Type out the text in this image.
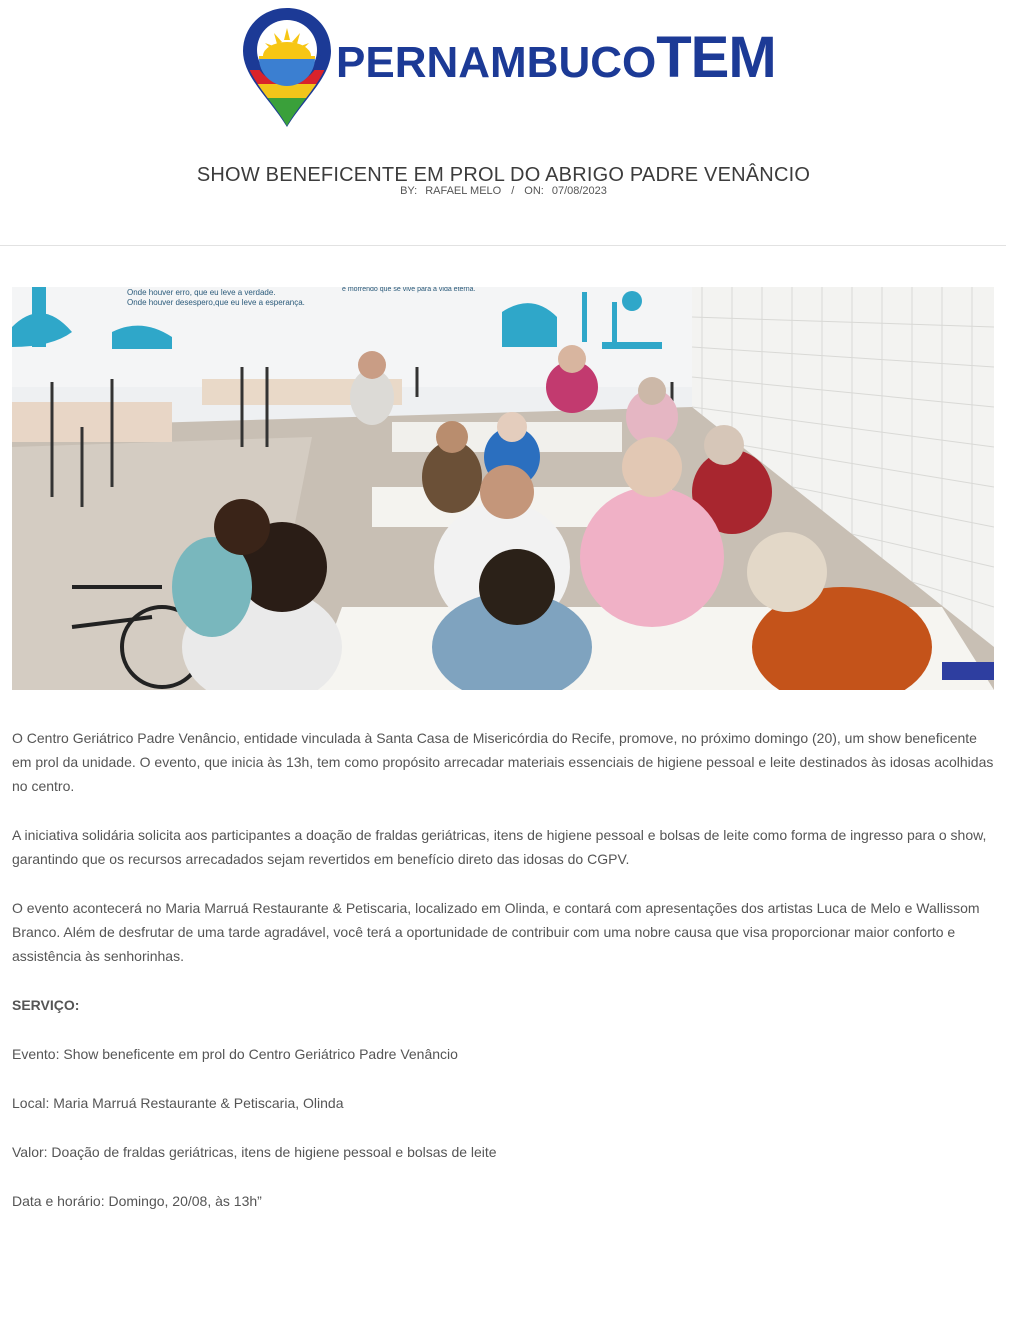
PERNAMBUCOTEM
SHOW BENEFICENTE EM PROL DO ABRIGO PADRE VENÂNCIO
BY: RAFAEL MELO / ON: 07/08/2023
Onde houver erro, que eu leve a verdade.
Onde houver desespero,que eu leve a esperança.
é morrendo que se vive para a vida eterna.

O Centro Geriátrico Padre Venâncio, entidade vinculada à Santa Casa de Misericórdia do Recife, promove, no próximo domingo (20), um show beneficente em prol da unidade. O evento, que inicia às 13h, tem como propósito arrecadar materiais essenciais de higiene pessoal e leite destinados às idosas acolhidas no centro.

A iniciativa solidária solicita aos participantes a doação de fraldas geriátricas, itens de higiene pessoal e bolsas de leite como forma de ingresso para o show, garantindo que os recursos arrecadados sejam revertidos em benefício direto das idosas do CGPV.

O evento acontecerá no Maria Marruá Restaurante & Petiscaria, localizado em Olinda, e contará com apresentações dos artistas Luca de Melo e Wallissom Branco. Além de desfrutar de uma tarde agradável, você terá a oportunidade de contribuir com uma nobre causa que visa proporcionar maior conforto e assistência às senhorinhas.

SERVIÇO:

Evento: Show beneficente em prol do Centro Geriátrico Padre Venâncio

Local: Maria Marruá Restaurante & Petiscaria, Olinda

Valor: Doação de fraldas geriátricas, itens de higiene pessoal e bolsas de leite

Data e horário: Domingo, 20/08, às 13h”
